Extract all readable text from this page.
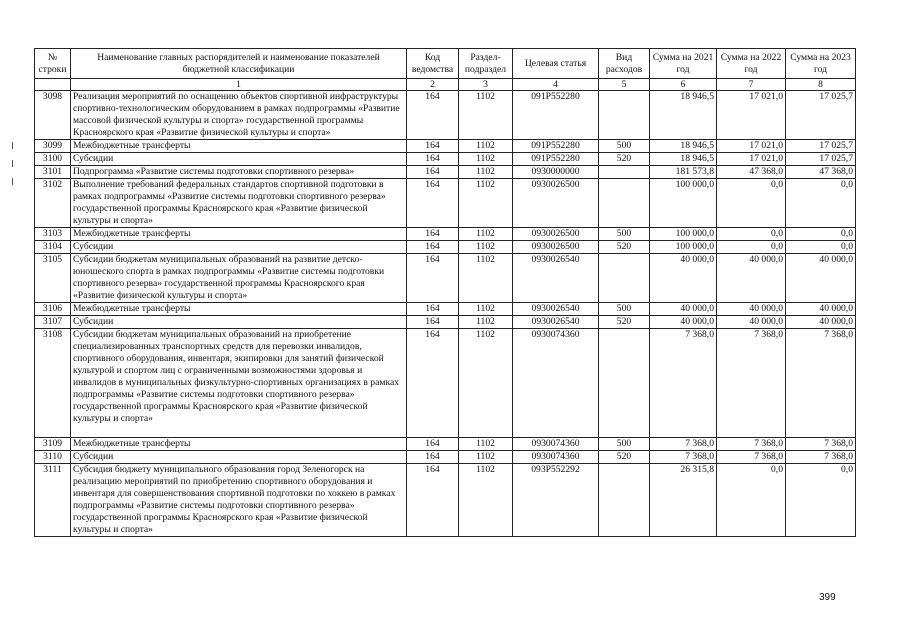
№ строки	Наименование главных распорядителей и наименование показателей бюджетной классификации	Код ведомства	Раздел-подраздел	Целевая статья	Вид расходов	Сумма на 2021 год	Сумма на 2022 год	Сумма на 2023 год
	1	2	3	4	5	6	7	8
3098	Реализация мероприятий по оснащению объектов спортивной инфраструктуры спортивно-технологическим оборудованием в рамках подпрограммы «Развитие массовой физической культуры и спорта» государственной программы Красноярского края «Развитие физической культуры и спорта»	164	1102	091P552280		18 946,5	17 021,0	17 025,7
3099	Межбюджетные трансферты	164	1102	091P552280	500	18 946,5	17 021,0	17 025,7
3100	Субсидии	164	1102	091P552280	520	18 946,5	17 021,0	17 025,7
3101	Подпрограмма «Развитие системы подготовки спортивного резерва»	164	1102	0930000000		181 573,8	47 368,0	47 368,0
3102	Выполнение требований федеральных стандартов спортивной подготовки в рамках подпрограммы «Развитие системы подготовки спортивного резерва» государственной программы Красноярского края «Развитие физической культуры и спорта»	164	1102	0930026500		100 000,0	0,0	0,0
3103	Межбюджетные трансферты	164	1102	0930026500	500	100 000,0	0,0	0,0
3104	Субсидии	164	1102	0930026500	520	100 000,0	0,0	0,0
3105	Субсидии бюджетам муниципальных образований на развитие детско-юношеского спорта в рамках подпрограммы «Развитие системы подготовки спортивного резерва» государственной программы Красноярского края «Развитие физической культуры и спорта»	164	1102	0930026540		40 000,0	40 000,0	40 000,0
3106	Межбюджетные трансферты	164	1102	0930026540	500	40 000,0	40 000,0	40 000,0
3107	Субсидии	164	1102	0930026540	520	40 000,0	40 000,0	40 000,0
3108	Субсидии бюджетам муниципальных образований на приобретение специализированных транспортных средств для перевозки инвалидов, спортивного оборудования, инвентаря, экипировки для занятий физической культурой и спортом лиц с ограниченными возможностями здоровья и инвалидов в муниципальных физкультурно-спортивных организациях в рамках подпрограммы «Развитие системы подготовки спортивного резерва» государственной программы Красноярского края «Развитие физической культуры и спорта»	164	1102	0930074360		7 368,0	7 368,0	7 368,0
3109	Межбюджетные трансферты	164	1102	0930074360	500	7 368,0	7 368,0	7 368,0
3110	Субсидии	164	1102	0930074360	520	7 368,0	7 368,0	7 368,0
3111	Субсидия бюджету муниципального образования город Зеленогорск на реализацию мероприятий по приобретению спортивного оборудования и инвентаря для совершенствования спортивной подготовки по хоккею в рамках подпрограммы «Развитие системы подготовки спортивного резерва» государственной программы Красноярского края «Развитие физической культуры и спорта»	164	1102	093P552292		26 315,8	0,0	0,0
399
